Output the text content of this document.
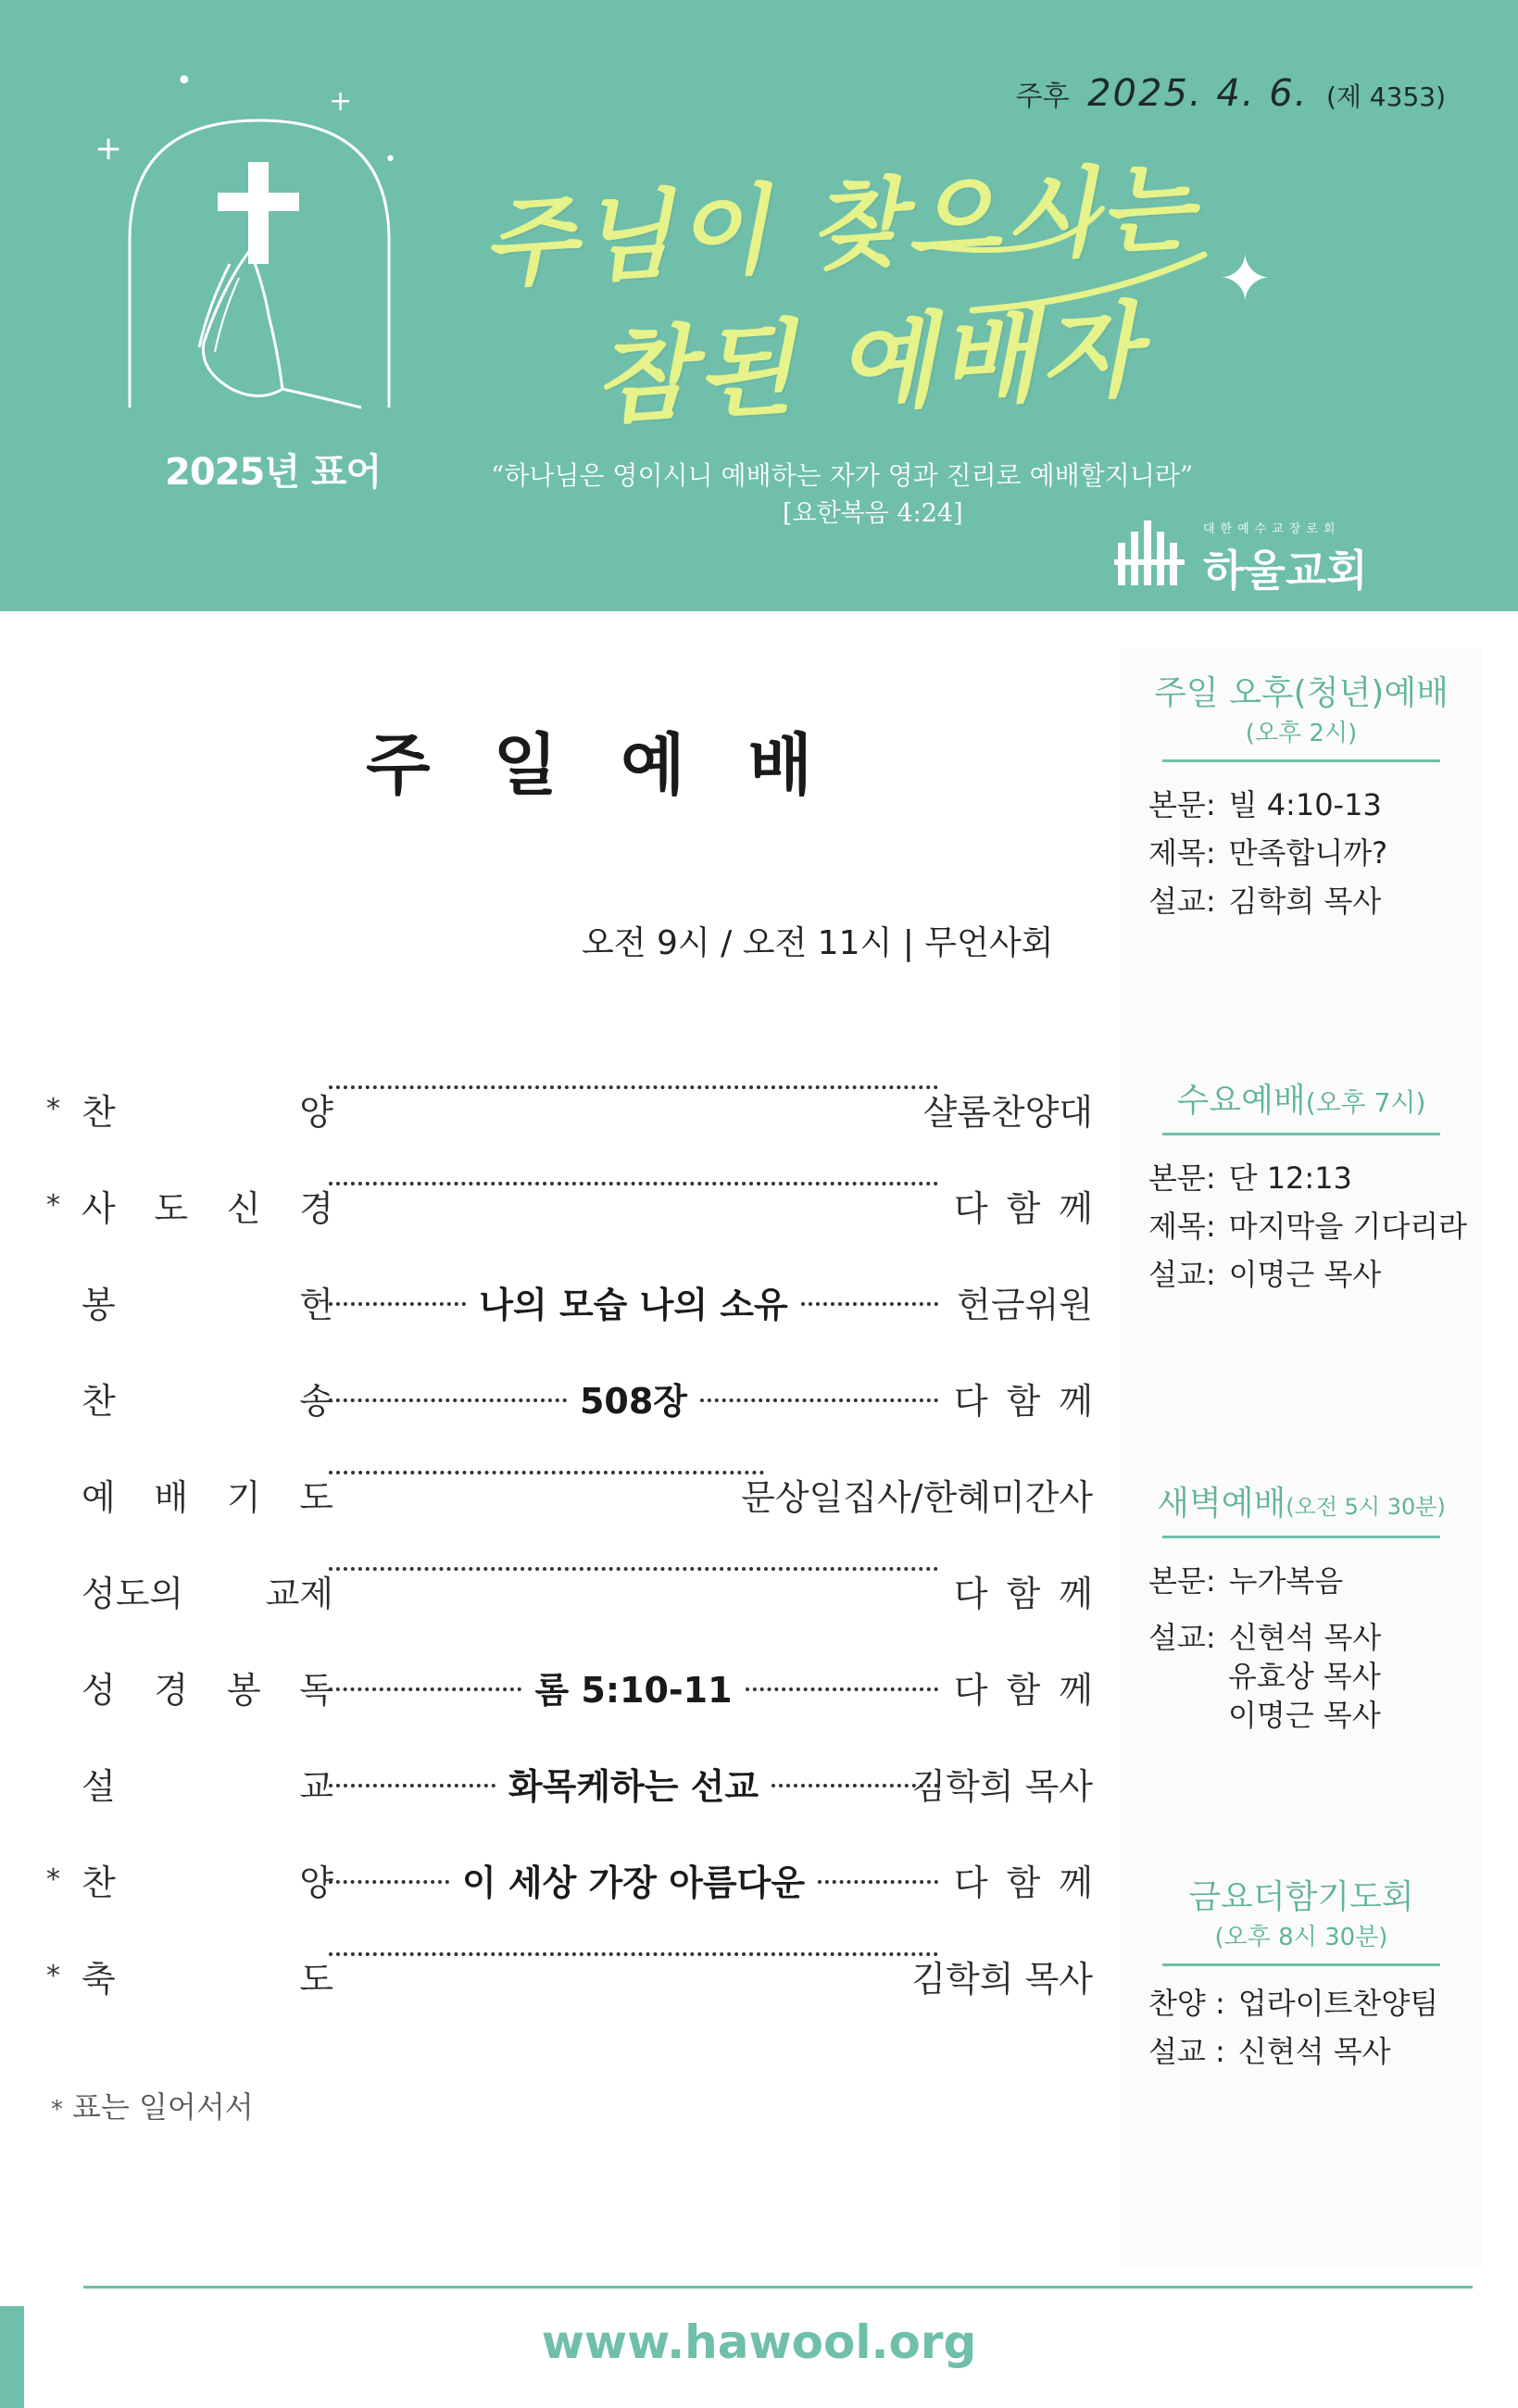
주후 2025. 4. 6. (제 4353)
•
+
+	•
✦
2025년 표어
주님이 찾으시는
참된 예배자
“하나님은 영이시니 예배하는 자가 영과 진리로 예배할지니라”
[요한복음 4:24]
대한예수교장로회
하울교회
주일예배
오전 9시 / 오전 11시 | 무언사회
* 찬	양	샬롬찬양대
* 사 도 신 경	다함께
봉	헌	나의 모습 나의 소유	헌금위원
찬	송	508장	다함께
예 배 기 도	문상일집사/한혜미간사
성도의 교제	다함께
성 경 봉 독	롬 5:10-11	다함께
설	교	화목케하는 선교	김학희 목사
* 찬	양	이 세상 가장 아름다운	다함께
* 축	도	김학희 목사
* 표는 일어서서
주일 오후(청년)예배
(오후 2시)
본문: 빌 4:10-13
제목: 만족합니까?
설교: 김학희 목사
수요예배(오후 7시)
본문: 단 12:13
제목: 마지막을 기다리라
설교: 이명근 목사
새벽예배(오전 5시 30분)
본문: 누가복음
설교: 신현석 목사
유효상 목사
이명근 목사
금요더함기도회
(오후 8시 30분)
찬양 : 업라이트찬양팀
설교 : 신현석 목사
www.hawool.org
